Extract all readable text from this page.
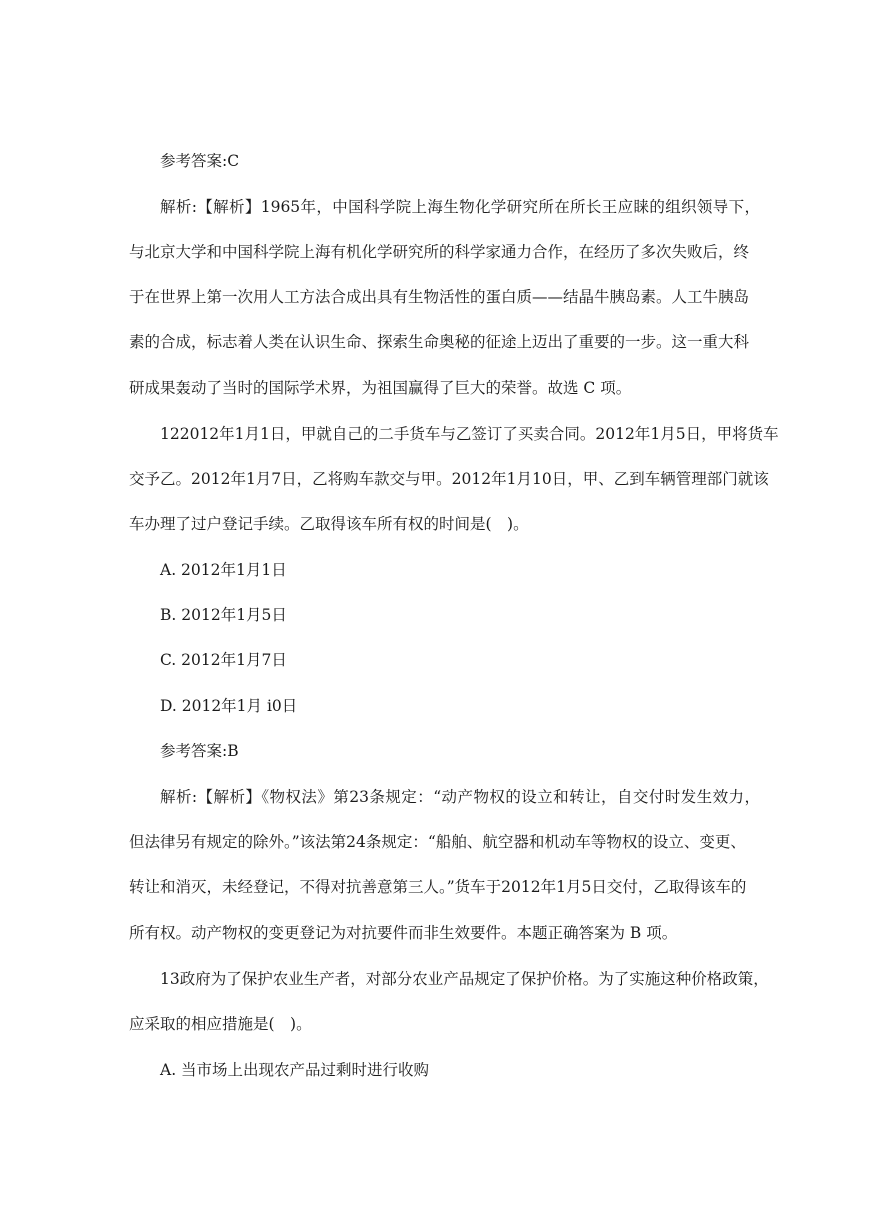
参考答案:C
解析:【解析】1965年，中国科学院上海生物化学研究所在所长王应睐的组织领导下，
与北京大学和中国科学院上海有机化学研究所的科学家通力合作，在经历了多次失败后，终
于在世界上第一次用人工方法合成出具有生物活性的蛋白质——结晶牛胰岛素。人工牛胰岛
素的合成，标志着人类在认识生命、探索生命奥秘的征途上迈出了重要的一步。这一重大科
研成果轰动了当时的国际学术界，为祖国赢得了巨大的荣誉。故选 C 项。
122012年1月1日，甲就自己的二手货车与乙签订了买卖合同。2012年1月5日，甲将货车
交予乙。2012年1月7日，乙将购车款交与甲。2012年1月10日，甲、乙到车辆管理部门就该
车办理了过户登记手续。乙取得该车所有权的时间是(　)。
A. 2012年1月1日
B. 2012年1月5日
C. 2012年1月7日
D. 2012年1月 i0日
参考答案:B
解析:【解析】《物权法》第23条规定：“动产物权的设立和转让，自交付时发生效力，
但法律另有规定的除外。”该法第24条规定：“船舶、航空器和机动车等物权的设立、变更、
转让和消灭，未经登记，不得对抗善意第三人。”货车于2012年1月5日交付，乙取得该车的
所有权。动产物权的变更登记为对抗要件而非生效要件。本题正确答案为 B 项。
13政府为了保护农业生产者，对部分农业产品规定了保护价格。为了实施这种价格政策，
应采取的相应措施是(　)。
A. 当市场上出现农产品过剩时进行收购
